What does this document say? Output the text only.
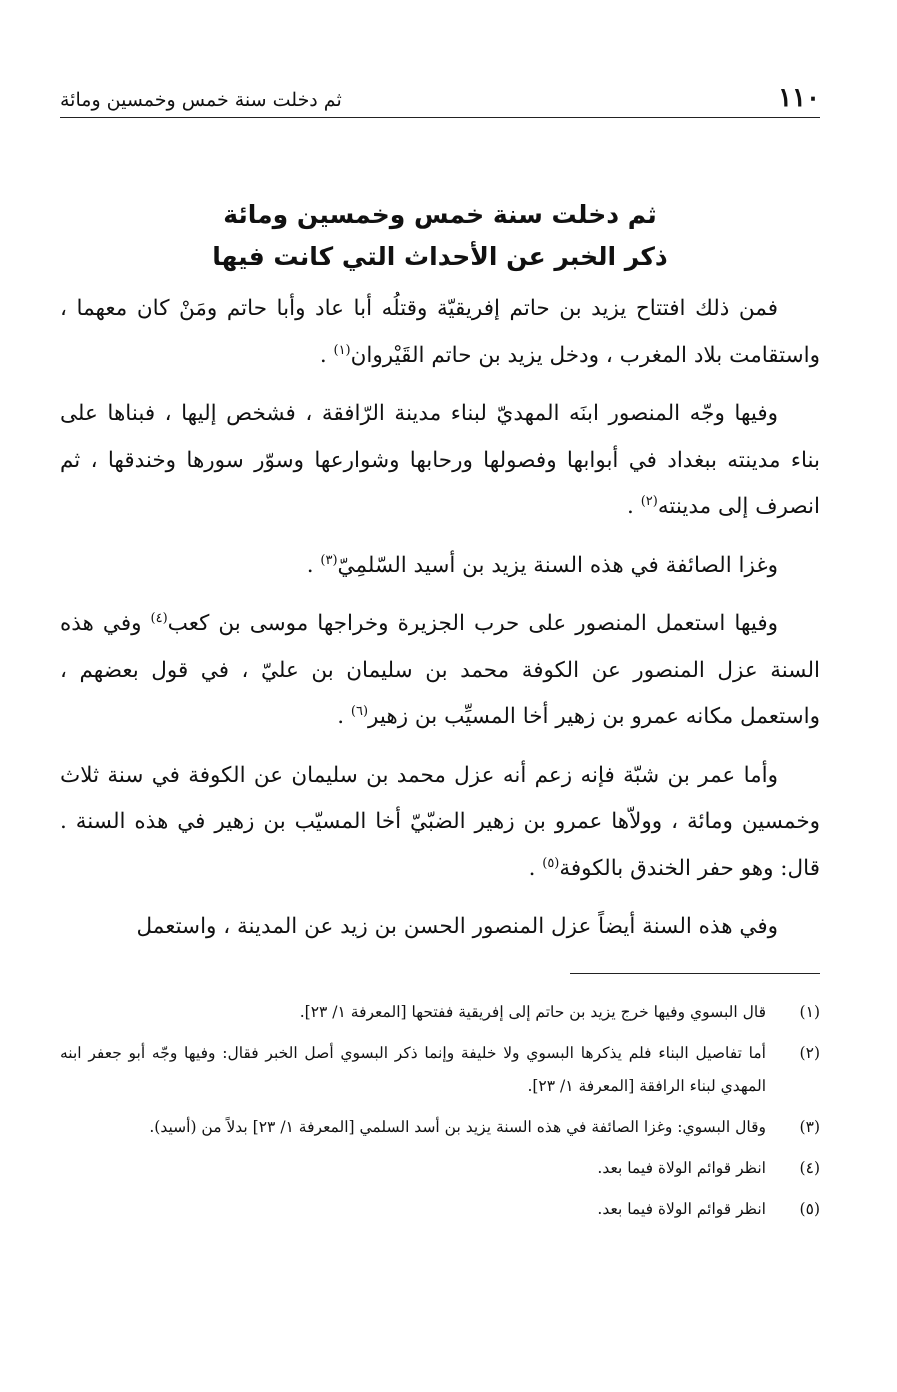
١١٠
ثم دخلت سنة خمس وخمسين ومائة
ثم دخلت سنة خمس وخمسين ومائة
ذكر الخبر عن الأحداث التي كانت فيها

فمن ذلك افتتاح يزيد بن حاتم إفريقيّة وقتلُه أبا عاد وأبا حاتم ومَنْ كان معهما ، واستقامت بلاد المغرب ، ودخل يزيد بن حاتم القَيْروان$^{(١)}$ .

وفيها وجّه المنصور ابنَه المهديّ لبناء مدينة الرّافقة ، فشخص إليها ، فبناها على بناء مدينته ببغداد في أبوابها وفصولها ورحابها وشوارعها وسوّر سورها وخندقها ، ثم انصرف إلى مدينته$^{(٢)}$ .

وغزا الصائفة في هذه السنة يزيد بن أسيد السّلمِيّ$^{(٣)}$ .

وفيها استعمل المنصور على حرب الجزيرة وخراجها موسى بن كعب$^{(٤)}$ وفي هذه السنة عزل المنصور عن الكوفة محمد بن سليمان بن عليّ ، في قول بعضهم ، واستعمل مكانه عمرو بن زهير أخا المسيِّب بن زهير$^{(٦)}$ .

وأما عمر بن شبّة فإنه زعم أنه عزل محمد بن سليمان عن الكوفة في سنة ثلاث وخمسين ومائة ، وولاّها عمرو بن زهير الضبّيّ أخا المسيّب بن زهير في هذه السنة . قال: وهو حفر الخندق بالكوفة$^{(٥)}$ .

وفي هذه السنة أيضاً عزل المنصور الحسن بن زيد عن المدينة ، واستعمل

(١)
قال البسوي وفيها خرج يزيد بن حاتم إلى إفريقية ففتحها [المعرفة ١/ ٢٣].
(٢)
أما تفاصيل البناء فلم يذكرها البسوي ولا خليفة وإنما ذكر البسوي أصل الخبر فقال: وفيها وجّه أبو جعفر ابنه المهدي لبناء الرافقة [المعرفة ١/ ٢٣].
(٣)
وقال البسوي: وغزا الصائفة في هذه السنة يزيد بن أسد السلمي [المعرفة ١/ ٢٣] بدلاً من (أسيد).
(٤)
انظر قوائم الولاة فيما بعد.
(٥)
انظر قوائم الولاة فيما بعد.
